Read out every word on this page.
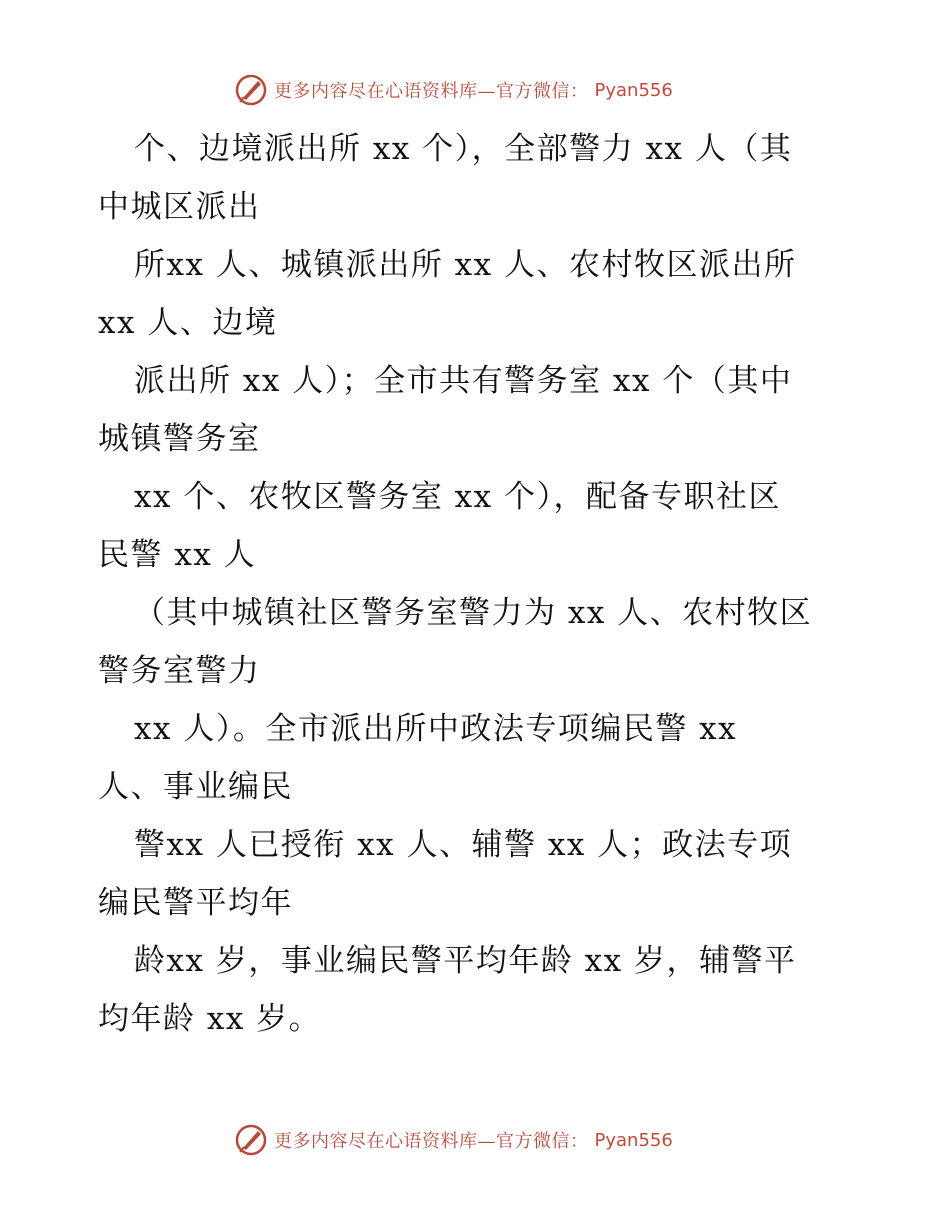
更多内容尽在心语资料库—官方微信： Pyan556
个、边境派出所 xx 个），全部警力 xx 人（其
中城区派出
所xx 人、城镇派出所 xx 人、农村牧区派出所
xx 人、边境
派出所 xx 人）；全市共有警务室 xx 个（其中
城镇警务室
xx 个、农牧区警务室 xx 个），配备专职社区
民警 xx 人
（其中城镇社区警务室警力为 xx 人、农村牧区
警务室警力
xx 人）。全市派出所中政法专项编民警 xx
人、事业编民
警xx 人已授衔 xx 人、辅警 xx 人；政法专项
编民警平均年
龄xx 岁，事业编民警平均年龄 xx 岁，辅警平
均年龄 xx 岁。
更多内容尽在心语资料库—官方微信： Pyan556
